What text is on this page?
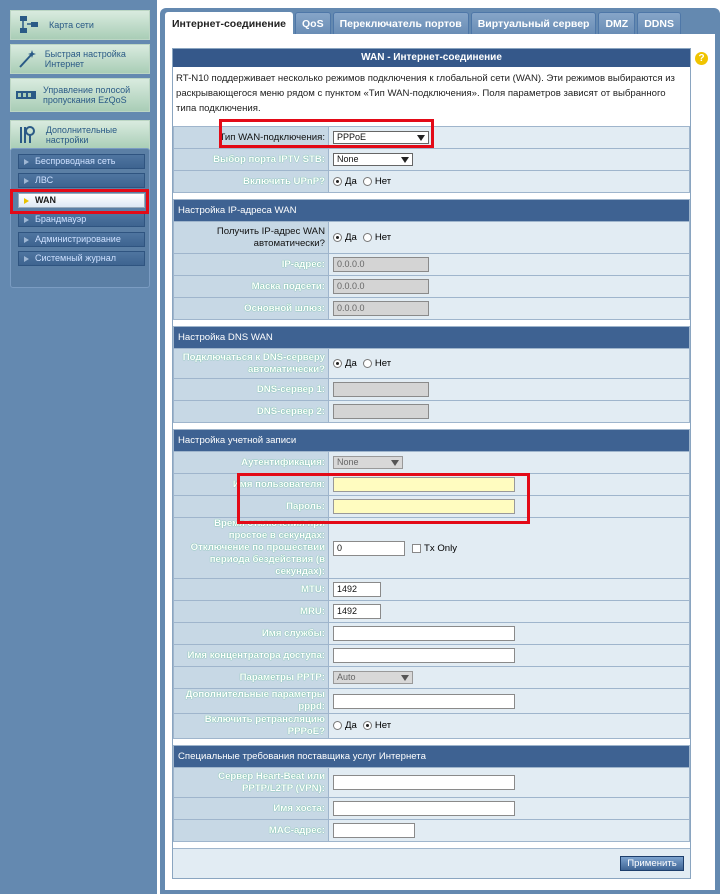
Карта сети
Быстрая настройка Интернет
Управление полосой пропускания EzQoS
Дополнительные настройки
Беспроводная сеть
ЛВС
WAN
Брандмауэр
Администрирование
Системный журнал
Интернет-соединение	QoS	Переключатель портов	Виртуальный сервер	DMZ	DDNS
?
WAN - Интернет-соединение
RT-N10 поддерживает несколько режимов подключения к глобальной сети (WAN). Эти режимов выбираются из раскрывающегося меню рядом с пунктом «Тип WAN-подключения». Поля параметров зависят от выбранного типа подключения.
Тип WAN-подключения:	PPPoE

Выбор порта IPTV STB:	None

Включить UPnP?	Да Нет
Настройка IP-адреса WAN	
Получить IP-адрес WAN автоматически?	Да Нет
IP-адрес:	0.0.0.0
Маска подсети:	0.0.0.0
Основной шлюз:	0.0.0.0
Настройка DNS WAN	
Подключаться к DNS-серверу автоматически?	Да Нет
DNS-сервер 1:	
DNS-сервер 2:	
Настройка учетной записи	
Аутентификация:	None

Имя пользователя:	
Пароль:	
Время отключения при простое в секундах: Отключение по прошествии периода бездействия (в секундах):	0 Tx Only
MTU:	1492
MRU:	1492
Имя службы:	
Имя концентратора доступа:	
Параметры PPTP:	Auto

Дополнительные параметры pppd:	
Включить ретрансляцию PPPoE?	Да Нет
Специальные требования поставщика услуг Интернета	
Сервер Heart-Beat или PPTP/L2TP (VPN):	
Имя хоста:	
MAC-адрес:	
Применить
